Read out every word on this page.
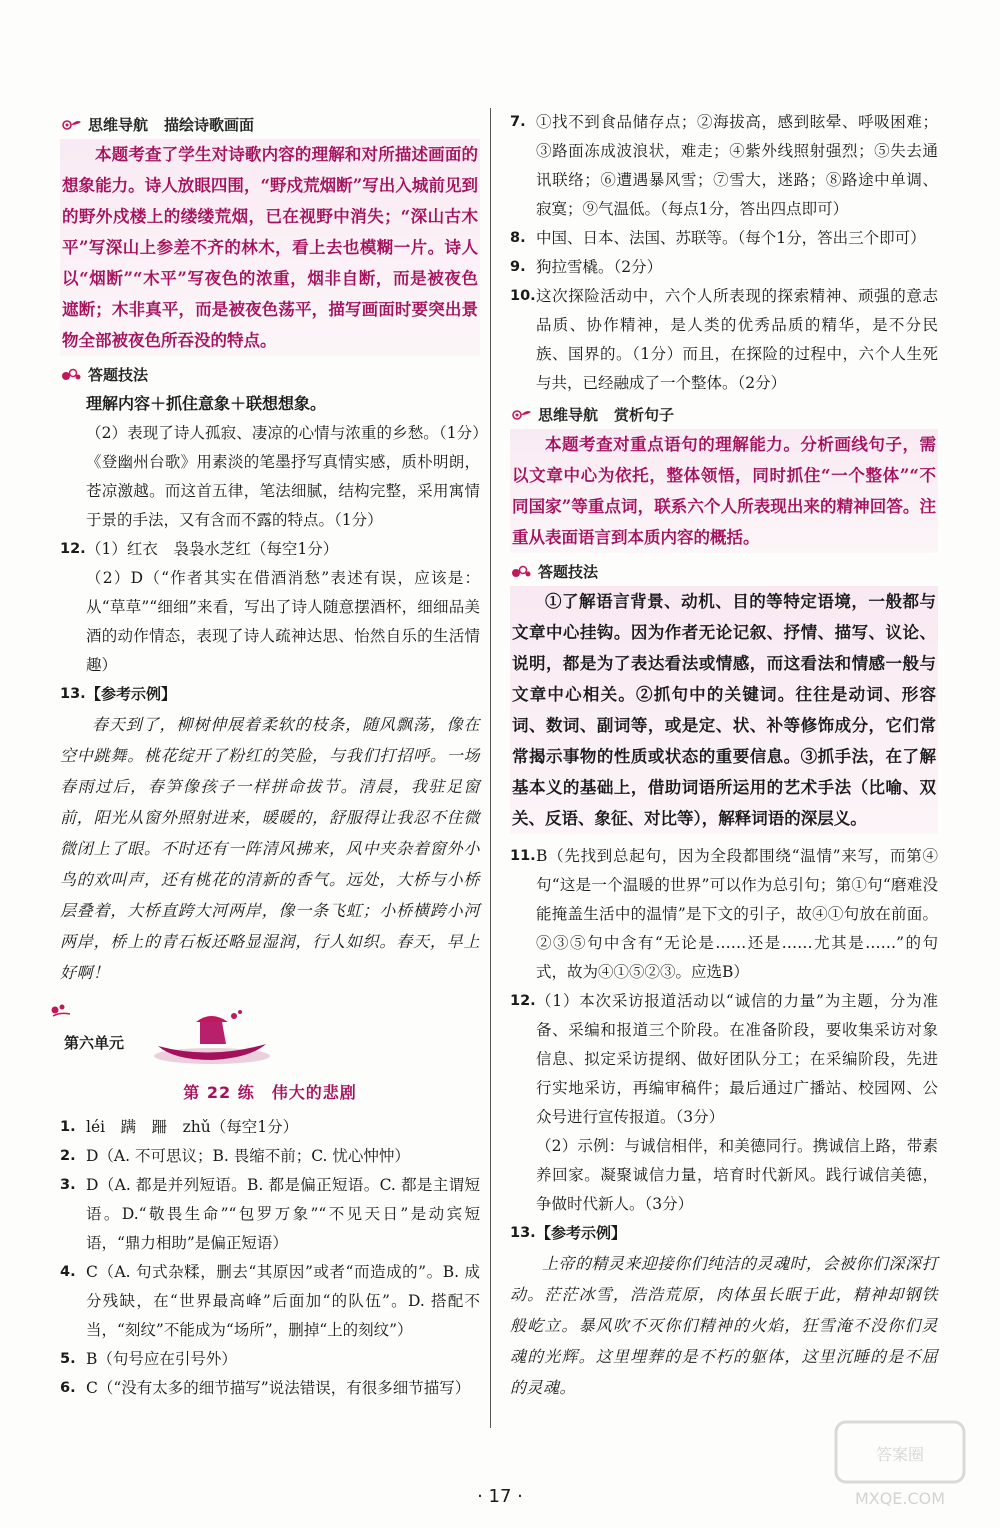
思维导航 描绘诗歌画面
本题考查了学生对诗歌内容的理解和对所描述画面的想象能力。诗人放眼四围，“野戍荒烟断”写出入城前见到的野外戍楼上的缕缕荒烟，已在视野中消失；“深山古木平”写深山上参差不齐的林木，看上去也模糊一片。诗人以“烟断”“木平”写夜色的浓重，烟非自断，而是被夜色遮断；木非真平，而是被夜色荡平，描写画面时要突出景物全部被夜色所吞没的特点。
答题技法
理解内容＋抓住意象＋联想想象。
（2）表现了诗人孤寂、凄凉的心情与浓重的乡愁。（1分）《登幽州台歌》用素淡的笔墨抒写真情实感，质朴明朗，苍凉激越。而这首五律，笔法细腻，结构完整，采用寓情于景的手法，又有含而不露的特点。（1分）
12. （1）红衣　袅袅水芝红（每空1分）
（2）D（“作者其实在借酒消愁”表述有误，应该是：从“草草”“细细”来看，写出了诗人随意摆酒杯，细细品美酒的动作情态，表现了诗人疏神达思、怡然自乐的生活情趣）
13. 【参考示例】
春天到了，柳树伸展着柔软的枝条，随风飘荡，像在空中跳舞。桃花绽开了粉红的笑脸，与我们打招呼。一场春雨过后，春笋像孩子一样拼命拔节。清晨，我驻足窗前，阳光从窗外照射进来，暖暖的，舒服得让我忍不住微微闭上了眼。不时还有一阵清风拂来，风中夹杂着窗外小鸟的欢叫声，还有桃花的清新的香气。远处，大桥与小桥层叠着，大桥直跨大河两岸，像一条飞虹；小桥横跨小河两岸，桥上的青石板还略显湿润，行人如织。春天，早上好啊！
第六单元
第 22 练　伟大的悲剧
1. léi　蹒　跚　zhǔ（每空1分）
2. D（A. 不可思议；B. 畏缩不前；C. 忧心忡忡）
3. D（A. 都是并列短语。B. 都是偏正短语。C. 都是主谓短语。D.“敬畏生命”“包罗万象”“不见天日”是动宾短语，“鼎力相助”是偏正短语）
4. C（A. 句式杂糅，删去“其原因”或者“而造成的”。B. 成分残缺，在“世界最高峰”后面加“的队伍”。D. 搭配不当，“刻纹”不能成为“场所”，删掉“上的刻纹”）
5. B（句号应在引号外）
6. C（“没有太多的细节描写”说法错误，有很多细节描写）
7. ①找不到食品储存点；②海拔高，感到眩晕、呼吸困难；③路面冻成波浪状，难走；④紫外线照射强烈；⑤失去通讯联络；⑥遭遇暴风雪；⑦雪大，迷路；⑧路途中单调、寂寞；⑨气温低。（每点1分，答出四点即可）
8. 中国、日本、法国、苏联等。（每个1分，答出三个即可）
9. 狗拉雪橇。（2分）
10. 这次探险活动中，六个人所表现的探索精神、顽强的意志品质、协作精神，是人类的优秀品质的精华，是不分民族、国界的。（1分）而且，在探险的过程中，六个人生死与共，已经融成了一个整体。（2分）
思维导航 赏析句子
本题考查对重点语句的理解能力。分析画线句子，需以文章中心为依托，整体领悟，同时抓住“一个整体”“不同国家”等重点词，联系六个人所表现出来的精神回答。注重从表面语言到本质内容的概括。
答题技法
①了解语言背景、动机、目的等特定语境，一般都与文章中心挂钩。因为作者无论记叙、抒情、描写、议论、说明，都是为了表达看法或情感，而这看法和情感一般与文章中心相关。②抓句中的关键词。往往是动词、形容词、数词、副词等，或是定、状、补等修饰成分，它们常常揭示事物的性质或状态的重要信息。③抓手法，在了解基本义的基础上，借助词语所运用的艺术手法（比喻、双关、反语、象征、对比等），解释词语的深层义。
11. B（先找到总起句，因为全段都围绕“温情”来写，而第④句“这是一个温暖的世界”可以作为总引句；第①句“磨难没能掩盖生活中的温情”是下文的引子，故④①句放在前面。②③⑤句中含有“无论是……还是……尤其是……”的句式，故为④①⑤②③。应选B）
12. （1）本次采访报道活动以“诚信的力量”为主题，分为准备、采编和报道三个阶段。在准备阶段，要收集采访对象信息、拟定采访提纲、做好团队分工；在采编阶段，先进行实地采访，再编审稿件；最后通过广播站、校园网、公众号进行宣传报道。（3分）
（2）示例：与诚信相伴，和美德同行。携诚信上路，带素养回家。凝聚诚信力量，培育时代新风。践行诚信美德，争做时代新人。（3分）
13. 【参考示例】
上帝的精灵来迎接你们纯洁的灵魂时，会被你们深深打动。茫茫冰雪，浩浩荒原，肉体虽长眠于此，精神却钢铁般屹立。暴风吹不灭你们精神的火焰，狂雪淹不没你们灵魂的光辉。这里埋葬的是不朽的躯体，这里沉睡的是不屈的灵魂。
· 17 ·
答案圈
MXQE.COM
